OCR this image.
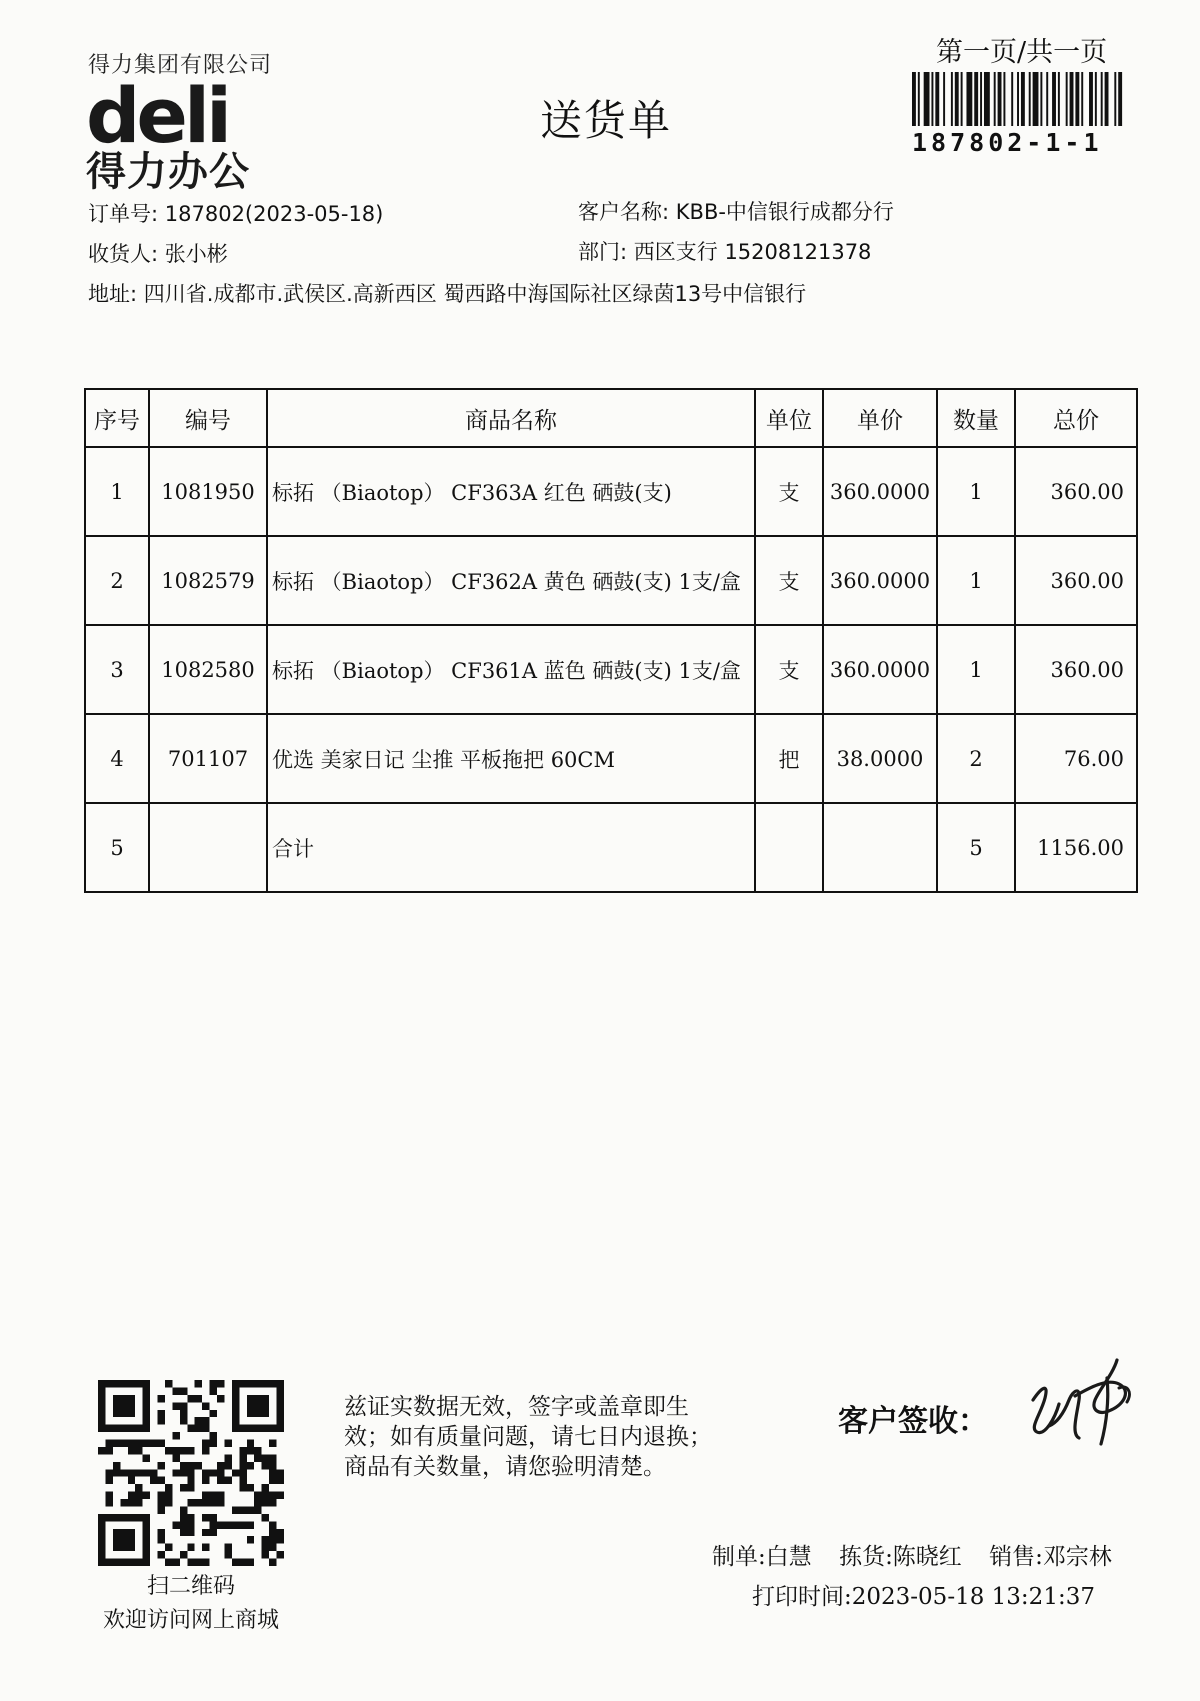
得力集团有限公司
deli
得力办公
送货单
第一页/共一页
187802-1-1
订单号: 187802(2023-05-18)
收货人: 张小彬
地址: 四川省.成都市.武侯区.高新西区 蜀西路中海国际社区绿茵13号中信银行
客户名称: KBB-中信银行成都分行
部门: 西区支行 15208121378
序号	编号	商品名称	单位	单价	数量	总价
1	1081950	标拓 （Biaotop） CF363A 红色 硒鼓(支)	支	360.0000	1	360.00
2	1082579	标拓 （Biaotop） CF362A 黄色 硒鼓(支) 1支/盒	支	360.0000	1	360.00
3	1082580	标拓 （Biaotop） CF361A 蓝色 硒鼓(支) 1支/盒	支	360.0000	1	360.00
4	701107	优选 美家日记 尘推 平板拖把 60CM	把	38.0000	2	76.00
5		合计			5	1156.00
扫二维码
欢迎访问网上商城
兹证实数据无效，签字或盖章即生
效；如有质量问题，请七日内退换；
商品有关数量，请您验明清楚。
客户签收：
制单:白慧 拣货:陈晓红 销售:邓宗林
打印时间:2023-05-18 13:21:37
